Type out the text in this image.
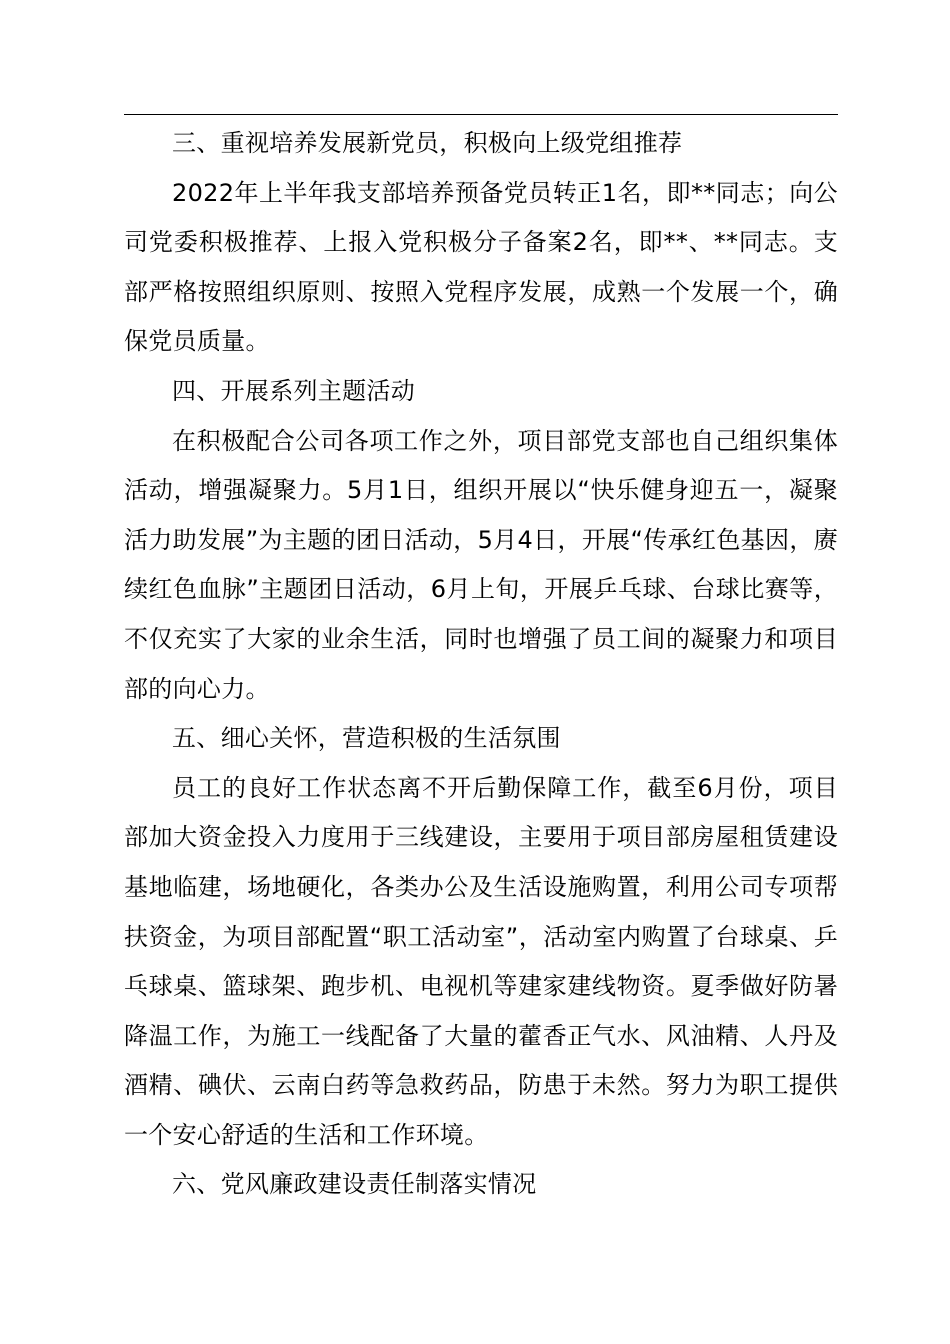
三、重视培养发展新党员，积极向上级党组推荐

2022年上半年我支部培养预备党员转正1名，即**同志；向公司党委积极推荐、上报入党积极分子备案2名，即**、**同志。支部严格按照组织原则、按照入党程序发展，成熟一个发展一个，确保党员质量。

四、开展系列主题活动

在积极配合公司各项工作之外，项目部党支部也自己组织集体活动，增强凝聚力。5月1日，组织开展以“快乐健身迎五一，凝聚活力助发展”为主题的团日活动，5月4日，开展“传承红色基因，赓续红色血脉”主题团日活动，6月上旬，开展乒乓球、台球比赛等，不仅充实了大家的业余生活，同时也增强了员工间的凝聚力和项目部的向心力。

五、细心关怀，营造积极的生活氛围

员工的良好工作状态离不开后勤保障工作，截至6月份，项目部加大资金投入力度用于三线建设，主要用于项目部房屋租赁建设基地临建，场地硬化，各类办公及生活设施购置，利用公司专项帮扶资金，为项目部配置“职工活动室”，活动室内购置了台球桌、乒乓球桌、篮球架、跑步机、电视机等建家建线物资。夏季做好防暑降温工作，为施工一线配备了大量的藿香正气水、风油精、人丹及酒精、碘伏、云南白药等急救药品，防患于未然。努力为职工提供一个安心舒适的生活和工作环境。

六、党风廉政建设责任制落实情况
